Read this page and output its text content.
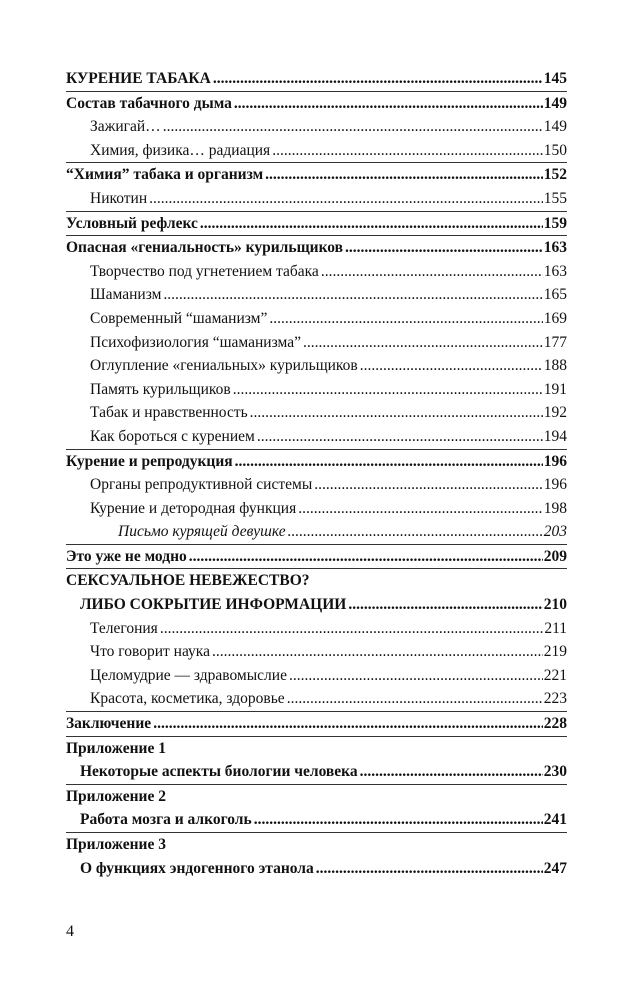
КУРЕНИЕ ТАБАКА .....	145
Состав табачного дыма .....	149
Зажигай… .....	149
Химия, физика… радиация .....	150
“Химия” табака и организм .....	152
Никотин .....	155
Условный рефлекс .....	159
Опасная «гениальность» курильщиков .....	163
Творчество под угнетением табака .....	163
Шаманизм .....	165
Современный “шаманизм” .....	169
Психофизиология “шаманизма” .....	177
Оглупление «гениальных» курильщиков .....	188
Память курильщиков .....	191
Табак и нравственность .....	192
Как бороться с курением .....	194
Курение и репродукция .....	196
Органы репродуктивной системы .....	196
Курение и детородная функция .....	198
Письмо курящей девушке .....	203
Это уже не модно .....	209
СЕКСУАЛЬНОЕ НЕВЕЖЕСТВО?
ЛИБО СОКРЫТИЕ ИНФОРМАЦИИ .....	210
Телегония .....	211
Что говорит наука .....	219
Целомудрие — здравомыслие .....	221
Красота, косметика, здоровье .....	223
Заключение .....	228
Приложение 1
Некоторые аспекты биологии человека .....	230
Приложение 2
Работа мозга и алкоголь .....	241
Приложение 3
О функциях эндогенного этанола .....	247
4
